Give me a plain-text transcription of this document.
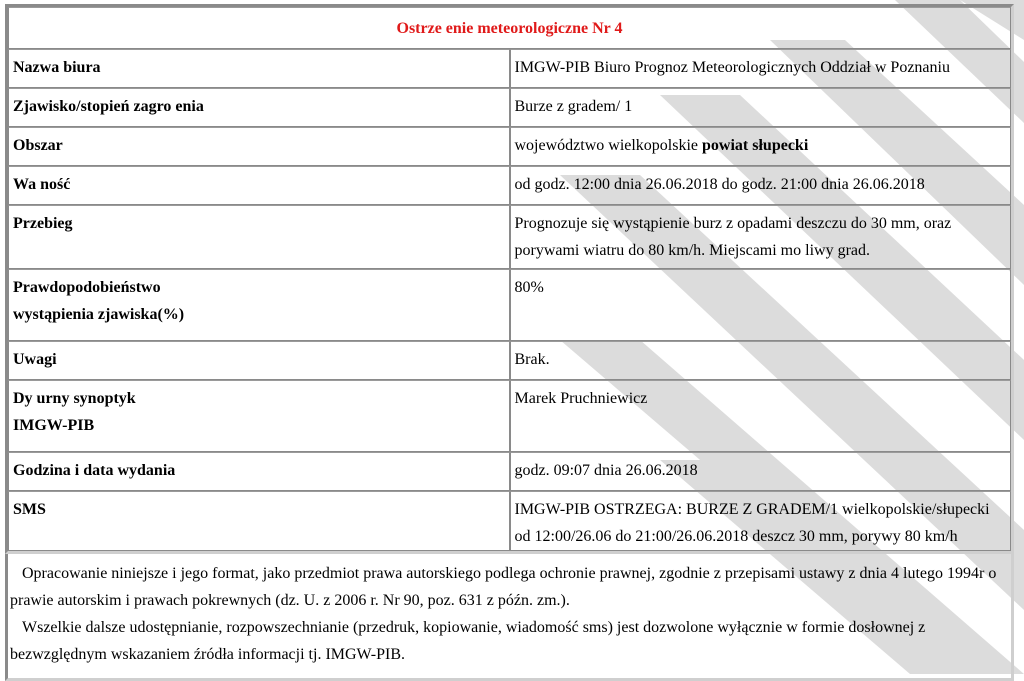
Ostrze enie meteorologiczne Nr 4	
Nazwa biura	IMGW-PIB Biuro Prognoz Meteorologicznych Oddział w Poznaniu
Zjawisko/stopień zagro enia	Burze z gradem/ 1
Obszar	województwo wielkopolskie powiat słupecki
Wa ność	od godz. 12:00 dnia 26.06.2018 do godz. 21:00 dnia 26.06.2018
Przebieg	Prognozuje się wystąpienie burz z opadami deszczu do 30 mm, oraz porywami wiatru do 80 km/h. Miejscami mo liwy grad.
Prawdopodobieństwo
wystąpienia zjawiska(%)	80%
Uwagi	Brak.
Dy urny synoptyk
IMGW-PIB	Marek Pruchniewicz
Godzina i data wydania	godz. 09:07 dnia 26.06.2018
SMS	IMGW-PIB OSTRZEGA: BURZE Z GRADEM/1 wielkopolskie/słupecki od 12:00/26.06 do 21:00/26.06.2018 deszcz 30 mm, porywy 80 km/h

Opracowanie niniejsze i jego format, jako przedmiot prawa autorskiego podlega ochronie prawnej, zgodnie z przepisami ustawy z dnia 4 lutego 1994r o prawie autorskim i prawach pokrewnych (dz. U. z 2006 r. Nr 90, poz. 631 z późn. zm.).

Wszelkie dalsze udostępnianie, rozpowszechnianie (przedruk, kopiowanie, wiadomość sms) jest dozwolone wyłącznie w formie dosłownej z bezwzględnym wskazaniem źródła informacji tj. IMGW-PIB.
